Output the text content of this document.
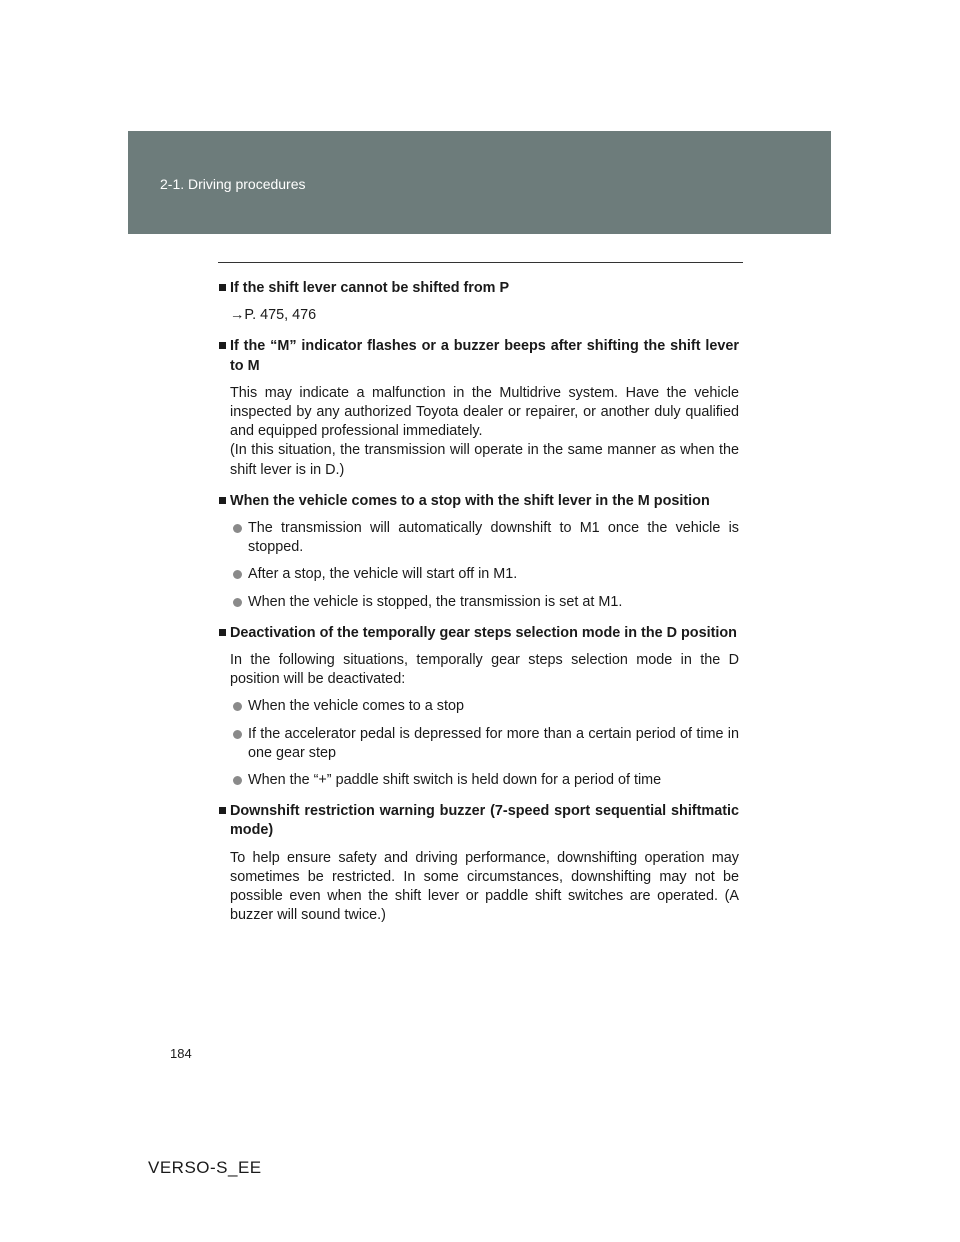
2-1. Driving procedures
If the shift lever cannot be shifted from P
→P. 475, 476
If the “M” indicator flashes or a buzzer beeps after shifting the shift lever to M
This may indicate a malfunction in the Multidrive system. Have the vehicle inspected by any authorized Toyota dealer or repairer, or another duly qualified and equipped professional immediately.
(In this situation, the transmission will operate in the same manner as when the shift lever is in D.)
When the vehicle comes to a stop with the shift lever in the M position
The transmission will automatically downshift to M1 once the vehicle is stopped.
After a stop, the vehicle will start off in M1.
When the vehicle is stopped, the transmission is set at M1.
Deactivation of the temporally gear steps selection mode in the D position
In the following situations, temporally gear steps selection mode in the D position will be deactivated:
When the vehicle comes to a stop
If the accelerator pedal is depressed for more than a certain period of time in one gear step
When the “+” paddle shift switch is held down for a period of time
Downshift restriction warning buzzer (7-speed sport sequential shiftmatic mode)
To help ensure safety and driving performance, downshifting operation may sometimes be restricted. In some circumstances, downshifting may not be possible even when the shift lever or paddle shift switches are operated. (A buzzer will sound twice.)
184
VERSO-S_EE
